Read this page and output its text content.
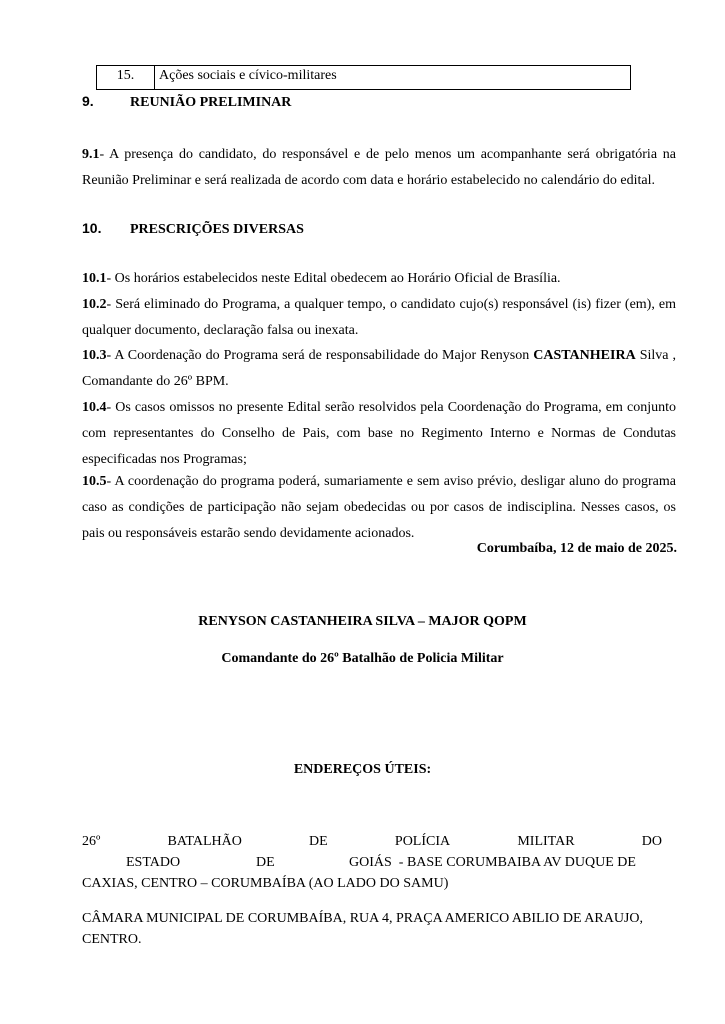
15.	Ações sociais e cívico-militares
9.	REUNIÃO PRELIMINAR
9.1- A presença do candidato, do responsável e de pelo menos um acompanhante será obrigatória na Reunião Preliminar e será realizada de acordo com data e horário estabelecido no calendário do edital.
10. PRESCRIÇÕES DIVERSAS
10.1- Os horários estabelecidos neste Edital obedecem ao Horário Oficial de Brasília.
10.2- Será eliminado do Programa, a qualquer tempo, o candidato cujo(s) responsável (is) fizer (em), em qualquer documento, declaração falsa ou inexata.
10.3- A Coordenação do Programa será de responsabilidade do Major Renyson CASTANHEIRA Silva , Comandante do 26º BPM.
10.4- Os casos omissos no presente Edital serão resolvidos pela Coordenação do Programa, em conjunto com representantes do Conselho de Pais, com base no Regimento Interno e Normas de Condutas especificadas nos Programas;
10.5- A coordenação do programa poderá, sumariamente e sem aviso prévio, desligar aluno do programa caso as condições de participação não sejam obedecidas ou por casos de indisciplina. Nesses casos, os pais ou responsáveis estarão sendo devidamente acionados.
Corumbaíba, 12 de maio de 2025.
RENYSON CASTANHEIRA SILVA – MAJOR QOPM
Comandante do 26º Batalhão de Policia Militar
ENDEREÇOS ÚTEIS:
26º	BATALHÃO	DE	POLÍCIA	MILITAR	DO
ESTADO	DE	GOIÁS  - BASE CORUMBAIBA AV DUQUE DE
CAXIAS, CENTRO – CORUMBAÍBA (AO LADO DO SAMU)
CÂMARA MUNICIPAL DE CORUMBAÍBA, RUA 4, PRAÇA AMERICO ABILIO DE ARAUJO,
CENTRO.
